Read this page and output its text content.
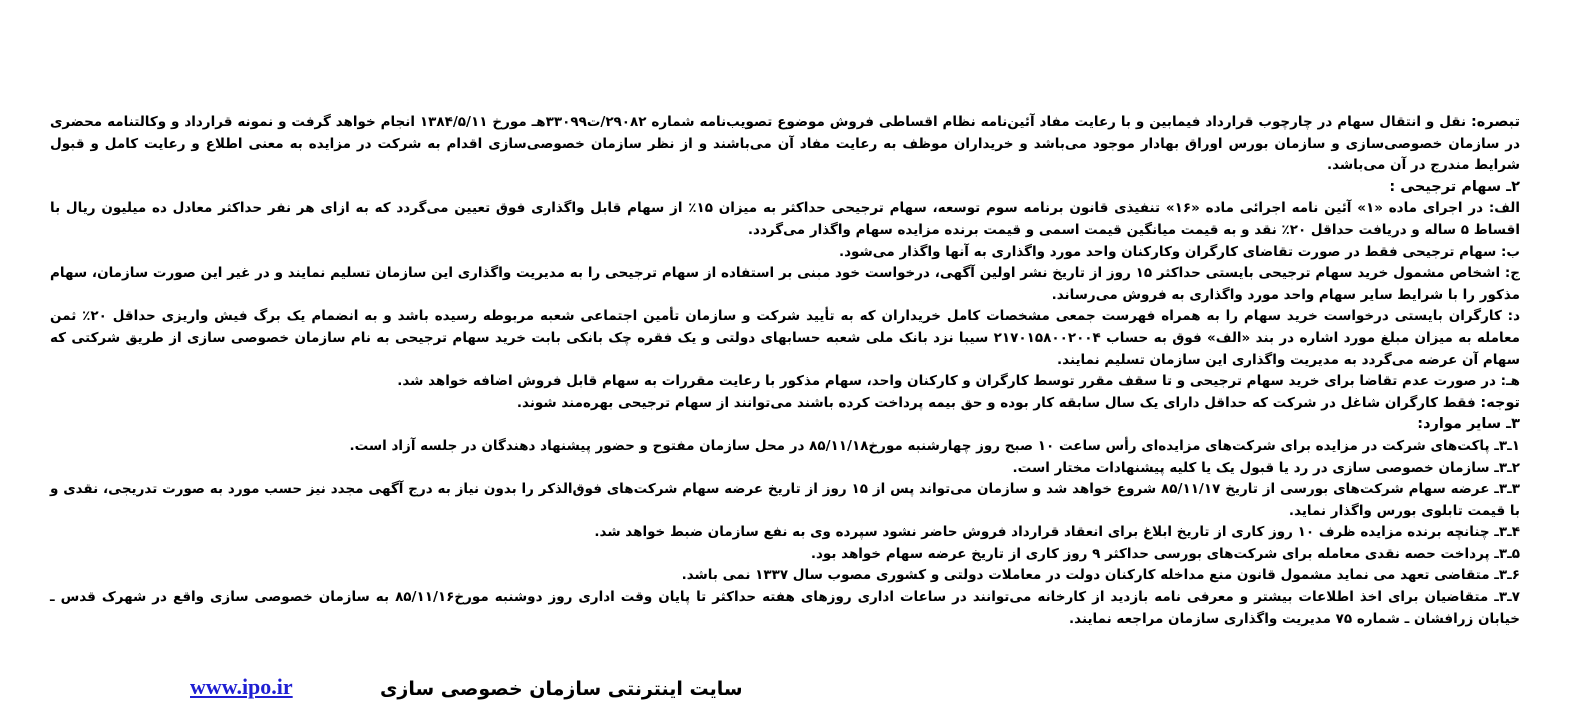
تبصره: نقل و انتقال سهام در چارچوب قرارداد فیمابین و با رعایت مفاد آئین‌نامه نظام اقساطی فروش موضوع تصویب‌نامه شماره ۲۹۰۸۲/ت۳۳۰۹۹هـ مورخ ۱۳۸۴/۵/۱۱ انجام خواهد گرفت و نمونه قرارداد و وکالتنامه محضری در سازمان خصوصی‌سازی و سازمان بورس اوراق بهادار موجود می‌باشد و خریداران موظف به رعایت مفاد آن می‌باشند و از نظر سازمان خصوصی‌سازی اقدام به شرکت در مزایده به معنی اطلاع و رعایت کامل و قبول شرایط مندرج در آن می‌باشد.

۲ـ سهام ترجیحی :

الف: در اجرای ماده «۱» آئین نامه اجرائی ماده «۱۶» تنفیذی قانون برنامه سوم توسعه، سهام ترجیحی حداکثر به میزان ۱۵٪ از سهام قابل واگذاری فوق تعیین می‌گردد که به ازای هر نفر حداکثر معادل ده میلیون ریال با اقساط ۵ ساله و دریافت حداقل ۲۰٪ نقد و به قیمت میانگین قیمت اسمی و قیمت برنده مزایده سهام واگذار می‌گردد.

ب: سهام ترجیحی فقط در صورت تقاضای کارگران وکارکنان واحد مورد واگذاری به آنها واگذار می‌شود.

ج: اشخاص مشمول خرید سهام ترجیحی بایستی حداکثر ۱۵ روز از تاریخ نشر اولین آگهی، درخواست خود مبنی بر استفاده از سهام ترجیحی را به مدیریت واگذاری این سازمان تسلیم نمایند و در غیر این صورت سازمان، سهام مذکور را با شرایط سایر سهام واحد مورد واگذاری به فروش می‌رساند.

د: کارگران بایستی درخواست خرید سهام را به همراه فهرست جمعی مشخصات کامل خریداران که به تأیید شرکت و سازمان تأمین اجتماعی شعبه مربوطه رسیده باشد و به انضمام یک برگ فیش واریزی حداقل ۲۰٪ ثمن معامله به میزان مبلغ مورد اشاره در بند «الف» فوق به حساب ۲۱۷۰۱۵۸۰۰۲۰۰۴ سیبا نزد بانک ملی شعبه حسابهای دولتی و یک فقره چک بانکی بابت خرید سهام ترجیحی به نام سازمان خصوصی سازی از طریق شرکتی که سهام آن عرضه می‌گردد به مدیریت واگذاری این سازمان تسلیم نمایند.

هـ: در صورت عدم تقاضا برای خرید سهام ترجیحی و تا سقف مقرر توسط کارگران و کارکنان واحد، سهام مذکور با رعایت مقررات به سهام قابل فروش اضافه خواهد شد.

توجه: فقط کارگران شاغل در شرکت که حداقل دارای یک سال سابقه کار بوده و حق بیمه پرداخت کرده باشند می‌توانند از سهام ترجیحی بهره‌مند شوند.

۳ـ سایر موارد:

۱ـ۳ـ پاکت‌های شرکت در مزایده برای شرکت‌های مزایده‌ای رأس ساعت ۱۰ صبح روز چهارشنبه مورخ۸۵/۱۱/۱۸ در محل سازمان مفتوح و حضور پیشنهاد دهندگان در جلسه آزاد است.

۲ـ۳ـ سازمان خصوصی سازی در رد یا قبول یک یا کلیه پیشنهادات مختار است.

۳ـ۳ـ عرضه سهام شرکت‌های بورسی از تاریخ ۸۵/۱۱/۱۷ شروع خواهد شد و سازمان می‌تواند پس از ۱۵ روز از تاریخ عرضه سهام شرکت‌های فوق‌الذکر را بدون نیاز به درج آگهی مجدد نیز حسب مورد به صورت تدریجی، نقدی و با قیمت تابلوی بورس واگذار نماید.

۴ـ۳ـ چنانچه برنده مزایده ظرف ۱۰ روز کاری از تاریخ ابلاغ برای انعقاد قرارداد فروش حاضر نشود سپرده وی به نفع سازمان ضبط خواهد شد.

۵ـ۳ـ پرداخت حصه نقدی معامله برای شرکت‌های بورسی حداکثر ۹ روز کاری از تاریخ عرضه سهام خواهد بود.

۶ـ۳ـ متقاضی تعهد می نماید مشمول قانون منع مداخله کارکنان دولت در معاملات دولتی و کشوری مصوب سال ۱۳۳۷ نمی باشد.

۷ـ۳ـ متقاضیان برای اخذ اطلاعات بیشتر و معرفی نامه بازدید از کارخانه می‌توانند در ساعات اداری روزهای هفته حداکثر تا پایان وقت اداری روز دوشنبه مورخ۸۵/۱۱/۱۶ به سازمان خصوصی سازی واقع در شهرک قدس ـ خیابان زرافشان ـ شماره ۷۵ مدیریت واگذاری سازمان مراجعه نمایند.

سایت اینترنتی سازمان خصوصی سازی
www.ipo.ir
